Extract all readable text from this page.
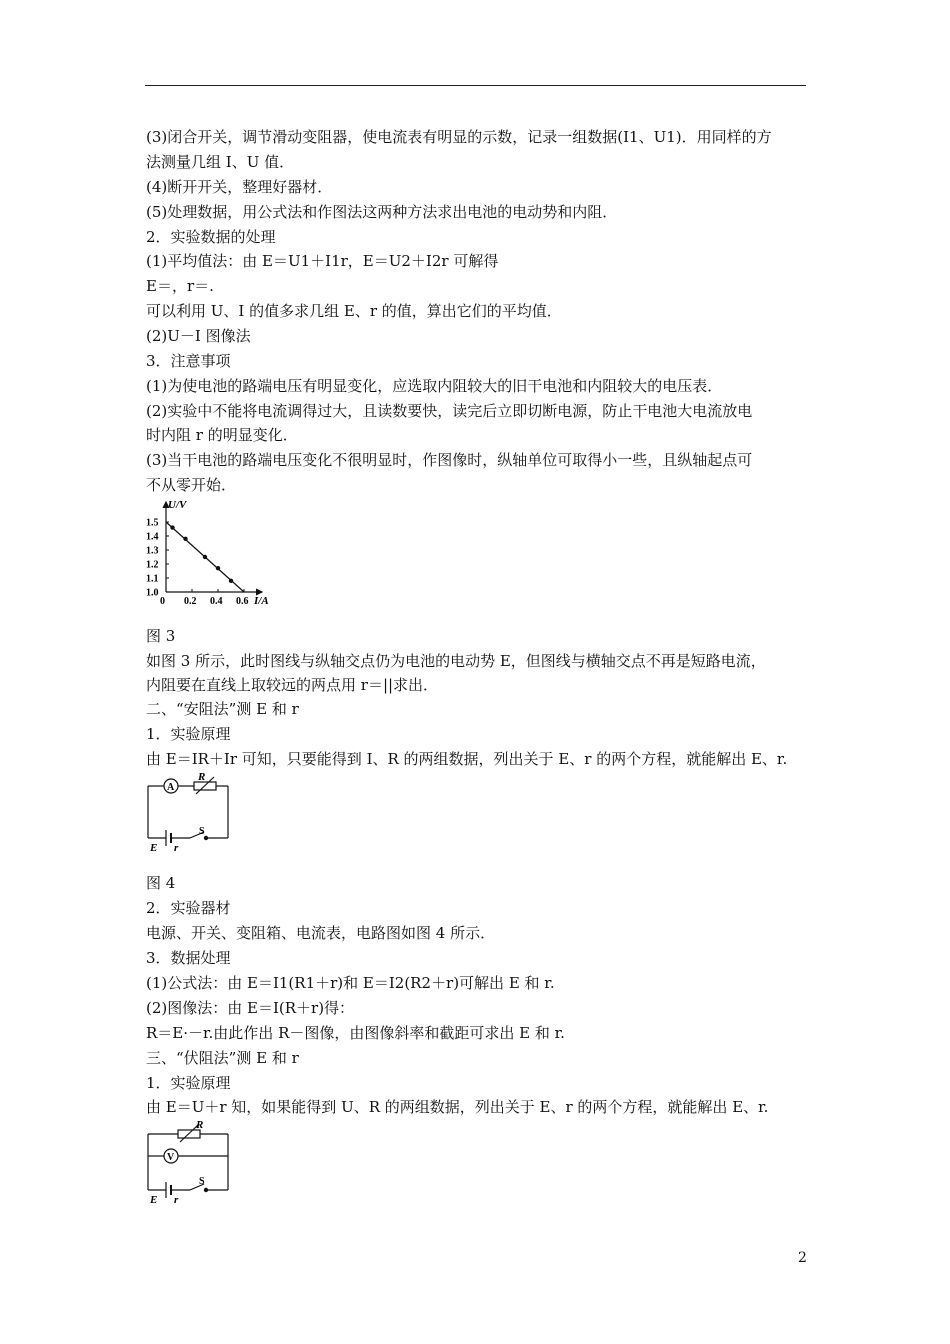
(3)闭合开关，调节滑动变阻器，使电流表有明显的示数，记录一组数据(I1、U1)．用同样的方
法测量几组 I、U 值．
(4)断开开关，整理好器材．
(5)处理数据，用公式法和作图法这两种方法求出电池的电动势和内阻．
2．实验数据的处理
(1)平均值法：由 E＝U1＋I1r，E＝U2＋I2r 可解得
E＝，r＝.
可以利用 U、I 的值多求几组 E、r 的值，算出它们的平均值．
(2)U－I 图像法
3．注意事项
(1)为使电池的路端电压有明显变化，应选取内阻较大的旧干电池和内阻较大的电压表．
(2)实验中不能将电流调得过大，且读数要快，读完后立即切断电源，防止干电池大电流放电
时内阻 r 的明显变化．
(3)当干电池的路端电压变化不很明显时，作图像时，纵轴单位可取得小一些，且纵轴起点可
不从零开始．
U/V
I/A
0
1.0
1.1
1.2
1.3
1.4
1.5
0.2 0.4 0.6
图 3
如图 3 所示，此时图线与纵轴交点仍为电池的电动势 E，但图线与横轴交点不再是短路电流，
内阻要在直线上取较远的两点用 r＝||求出．
二、“安阻法”测 E 和 r
1．实验原理
由 E＝IR＋Ir 可知，只要能得到 I、R 的两组数据，列出关于 E、r 的两个方程，就能解出 E、r.
A
R
S
E r
图 4
2．实验器材
电源、开关、变阻箱、电流表，电路图如图 4 所示．
3．数据处理
(1)公式法：由 E＝I1(R1＋r)和 E＝I2(R2＋r)可解出 E 和 r.
(2)图像法：由 E＝I(R＋r)得：
R＝E·－r.由此作出 R－图像，由图像斜率和截距可求出 E 和 r.
三、“伏阻法”测 E 和 r
1．实验原理
由 E＝U＋r 知，如果能得到 U、R 的两组数据，列出关于 E、r 的两个方程，就能解出 E、r.
V
R
S
E r
2
